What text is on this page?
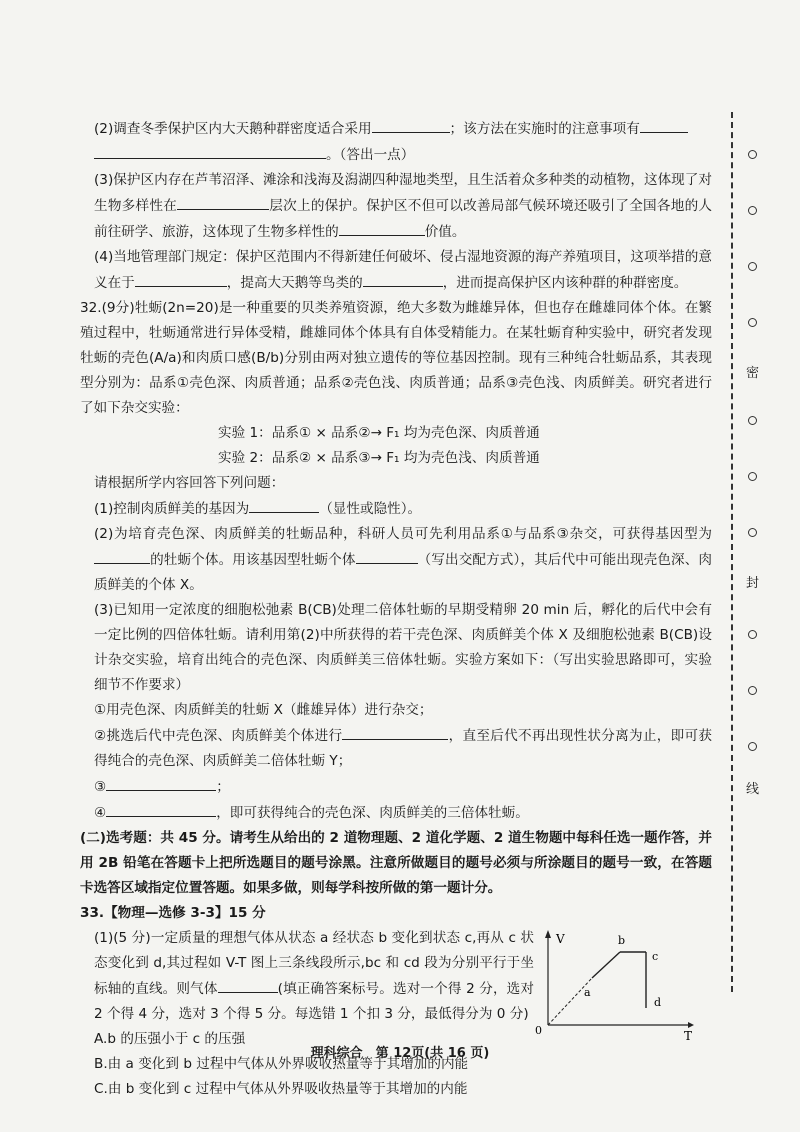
(2)调查冬季保护区内大天鹅种群密度适合采用	；该方法在实施时的注意事项有
。（答出一点）

(3)保护区内存在芦苇沼泽、滩涂和浅海及潟湖四种湿地类型，且生活着众多种类的动植物，这体现了对生物多样性在	层次上的保护。保护区不但可以改善局部气候环境还吸引了全国各地的人前往研学、旅游，这体现了生物多样性的	价值。

(4)当地管理部门规定：保护区范围内不得新建任何破坏、侵占湿地资源的海产养殖项目，这项举措的意义在于	，提高大天鹅等鸟类的	，进而提高保护区内该种群的种群密度。

32.(9分)牡蛎(2n=20)是一种重要的贝类养殖资源，绝大多数为雌雄异体，但也存在雌雄同体个体。在繁殖过程中，牡蛎通常进行异体受精，雌雄同体个体具有自体受精能力。在某牡蛎育种实验中，研究者发现牡蛎的壳色(A/a)和肉质口感(B/b)分别由两对独立遗传的等位基因控制。现有三种纯合牡蛎品系，其表现型分别为：品系①壳色深、肉质普通；品系②壳色浅、肉质普通；品系③壳色浅、肉质鲜美。研究者进行了如下杂交实验：

实验 1：品系① × 品系②→ F₁ 均为壳色深、肉质普通

实验 2：品系② × 品系③→ F₁ 均为壳色浅、肉质普通

请根据所学内容回答下列问题：

(1)控制肉质鲜美的基因为	（显性或隐性）。

(2)为培育壳色深、肉质鲜美的牡蛎品种，科研人员可先利用品系①与品系③杂交，可获得基因型为的牡蛎个体。用该基因型牡蛎个体	（写出交配方式），其后代中可能出现壳色深、肉质鲜美的个体 X。

(3)已知用一定浓度的细胞松弛素 B(CB)处理二倍体牡蛎的早期受精卵 20 min 后，孵化的后代中会有一定比例的四倍体牡蛎。请利用第(2)中所获得的若干壳色深、肉质鲜美个体 X 及细胞松弛素 B(CB)设计杂交实验，培育出纯合的壳色深、肉质鲜美三倍体牡蛎。实验方案如下：（写出实验思路即可，实验细节不作要求）

①用壳色深、肉质鲜美的牡蛎 X（雌雄异体）进行杂交；

②挑选后代中壳色深、肉质鲜美个体进行	，直至后代不再出现性状分离为止，即可获得纯合的壳色深、肉质鲜美二倍体牡蛎 Y；

③	；

④	，即可获得纯合的壳色深、肉质鲜美的三倍体牡蛎。

(二)选考题：共 45 分。请考生从给出的 2 道物理题、2 道化学题、2 道生物题中每科任选一题作答，并用 2B 铅笔在答题卡上把所选题目的题号涂黑。注意所做题目的题号必须与所涂题目的题号一致，在答题卡选答区域指定位置答题。如果多做，则每学科按所做的第一题计分。

33.【物理—选修 3-3】15 分

(1)(5 分)一定质量的理想气体从状态 a 经状态 b 变化到状态 c,再从 c 状态变化到 d,其过程如 V-T 图上三条线段所示,bc 和 cd 段为分别平行于坐标轴的直线。则气体	(填正确答案标号。选对一个得 2 分，选对 2 个得 4 分，选对 3 个得 5 分。每选错 1 个扣 3 分，最低得分为 0 分)

V
T
0
a
b
c
d

A.b 的压强小于 c 的压强

B.由 a 变化到 b 过程中气体从外界吸收热量等于其增加的内能

C.由 b 变化到 c 过程中气体从外界吸收热量等于其增加的内能

密
封
线
理科综合　第 12页(共 16 页)
